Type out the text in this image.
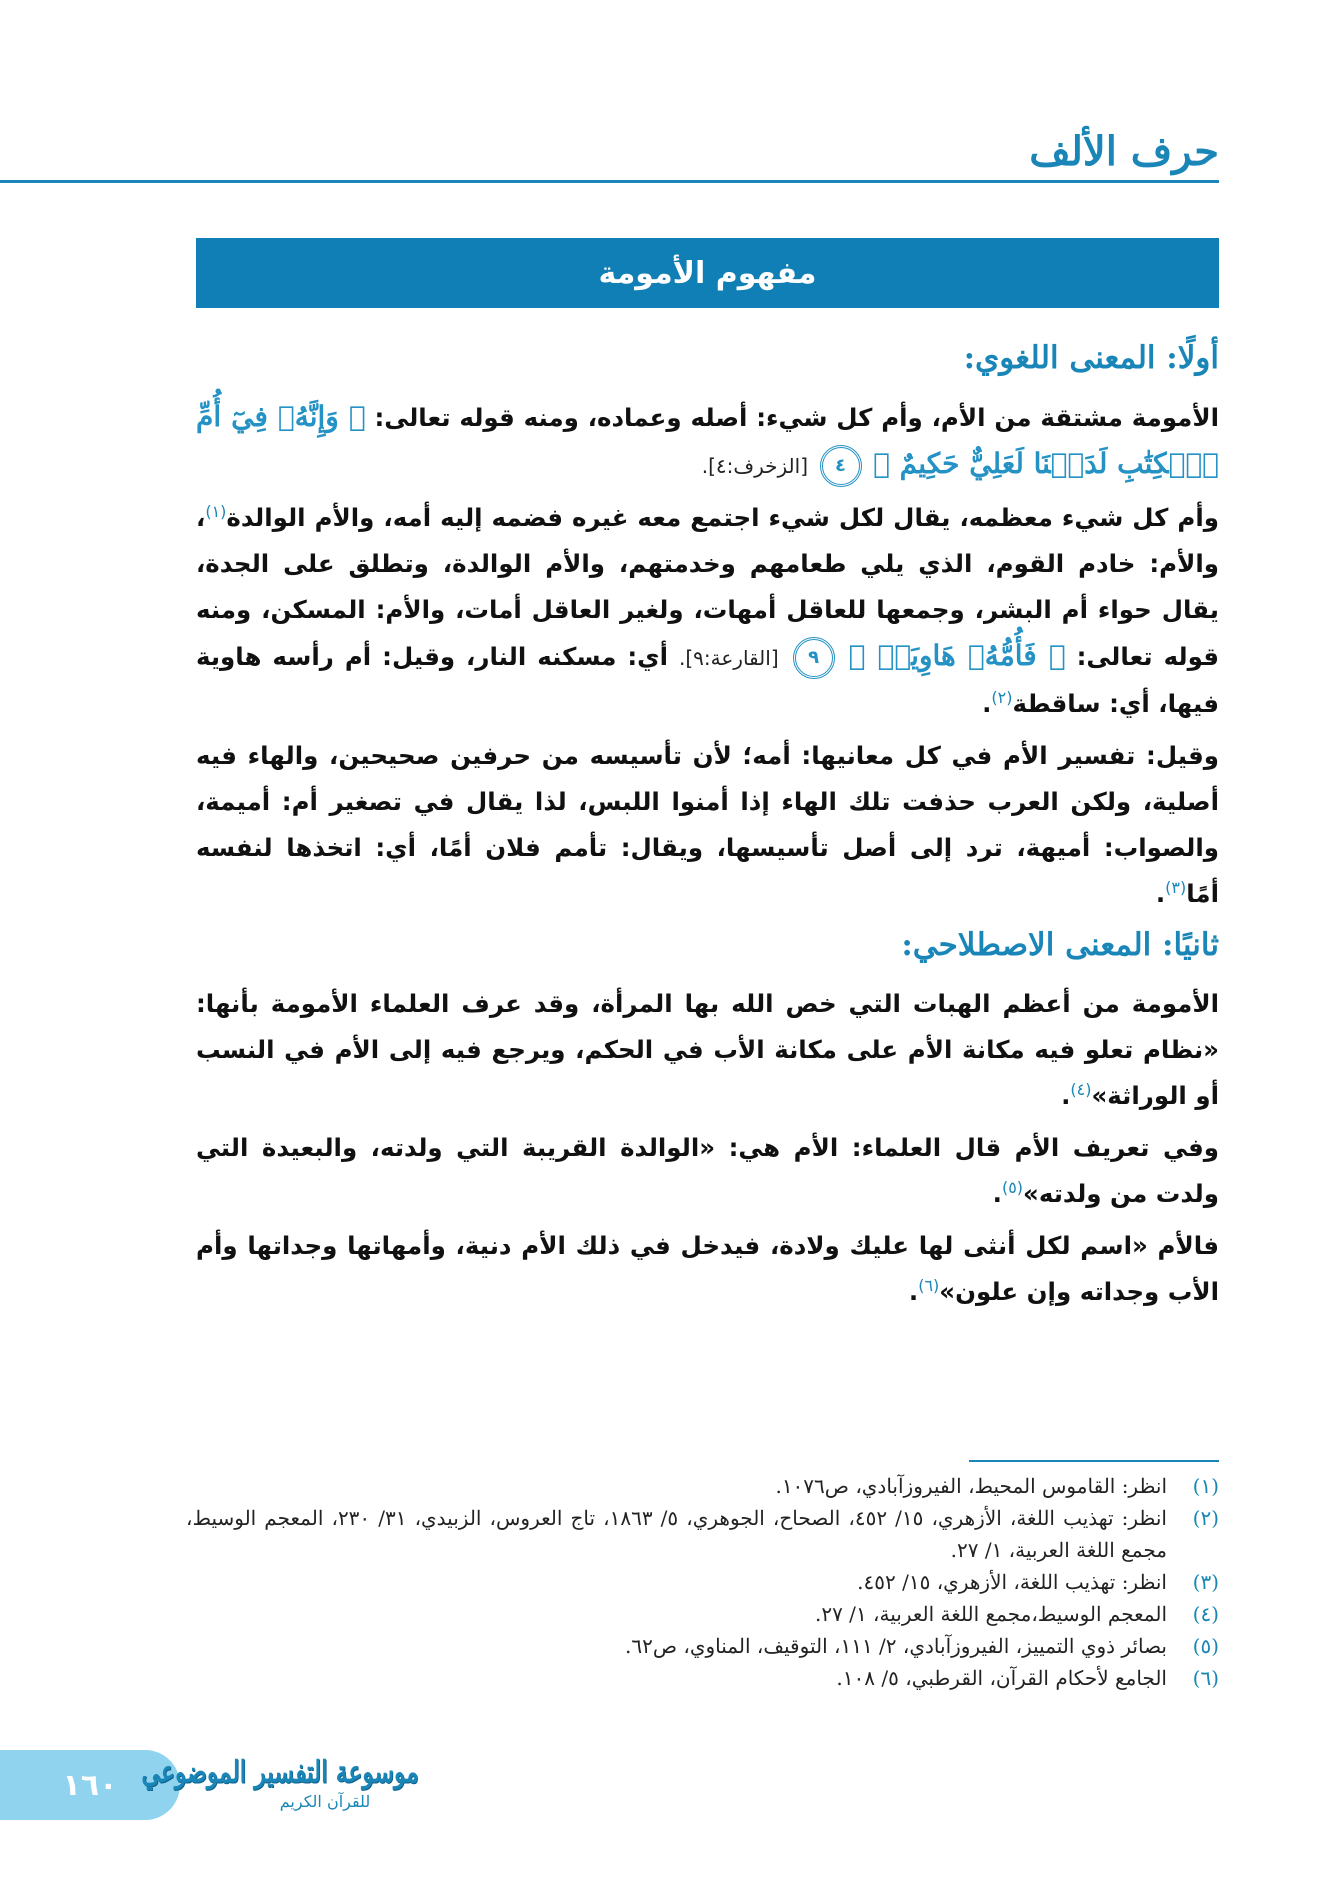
حرف الألف
مفهوم الأمومة
أولًا: المعنى اللغوي:

الأمومة مشتقة من الأم، وأم كل شيء: أصله وعماده، ومنه قوله تعالى: ﴿ وَإِنَّهُۥ فِيٓ أُمِّ ٱلۡكِتَٰبِ لَدَيۡنَا لَعَلِيٌّ حَكِيمٌ ﴾ ٤ [الزخرف:٤].

وأم كل شيء معظمه، يقال لكل شيء اجتمع معه غيره فضمه إليه أمه، والأم الوالدة$^{(١)}$، والأم: خادم القوم، الذي يلي طعامهم وخدمتهم، والأم الوالدة، وتطلق على الجدة، يقال حواء أم البشر، وجمعها للعاقل أمهات، ولغير العاقل أمات، والأم: المسكن، ومنه قوله تعالى: ﴿ فَأُمُّهُۥ هَاوِيَةٞ ﴾ ٩ [القارعة:٩]. أي: مسكنه النار، وقيل: أم رأسه هاوية فيها، أي: ساقطة$^{(٢)}$.

وقيل: تفسير الأم في كل معانيها: أمه؛ لأن تأسيسه من حرفين صحيحين، والهاء فيه أصلية، ولكن العرب حذفت تلك الهاء إذا أمنوا اللبس، لذا يقال في تصغير أم: أميمة، والصواب: أميهة، ترد إلى أصل تأسيسها، ويقال: تأمم فلان أمًا، أي: اتخذها لنفسه أمًا$^{(٣)}$.

ثانيًا: المعنى الاصطلاحي:

الأمومة من أعظم الهبات التي خص الله بها المرأة، وقد عرف العلماء الأمومة بأنها: «نظام تعلو فيه مكانة الأم على مكانة الأب في الحكم، ويرجع فيه إلى الأم في النسب أو الوراثة»$^{(٤)}$.

وفي تعريف الأم قال العلماء: الأم هي: «الوالدة القريبة التي ولدته، والبعيدة التي ولدت من ولدته»$^{(٥)}$.

فالأم «اسم لكل أنثى لها عليك ولادة، فيدخل في ذلك الأم دنية، وأمهاتها وجداتها وأم الأب وجداته وإن علون»$^{(٦)}$.

(١)
انظر: القاموس المحيط، الفيروزآبادي، ص١٠٧٦.
(٢)
انظر: تهذيب اللغة، الأزهري، ١٥/ ٤٥٢، الصحاح، الجوهري، ٥/ ١٨٦٣، تاج العروس، الزبيدي، ٣١/ ٢٣٠، المعجم الوسيط، مجمع اللغة العربية، ١/ ٢٧.
(٣)
انظر: تهذيب اللغة، الأزهري، ١٥/ ٤٥٢.
(٤)
المعجم الوسيط،مجمع اللغة العربية، ١/ ٢٧.
(٥)
بصائر ذوي التمييز، الفيروزآبادي، ٢/ ١١١، التوقيف، المناوي، ص٦٢.
(٦)
الجامع لأحكام القرآن، القرطبي، ٥/ ١٠٨.
١٦٠ موسوعة التفسير الموضوعي
للقرآن الكريم
